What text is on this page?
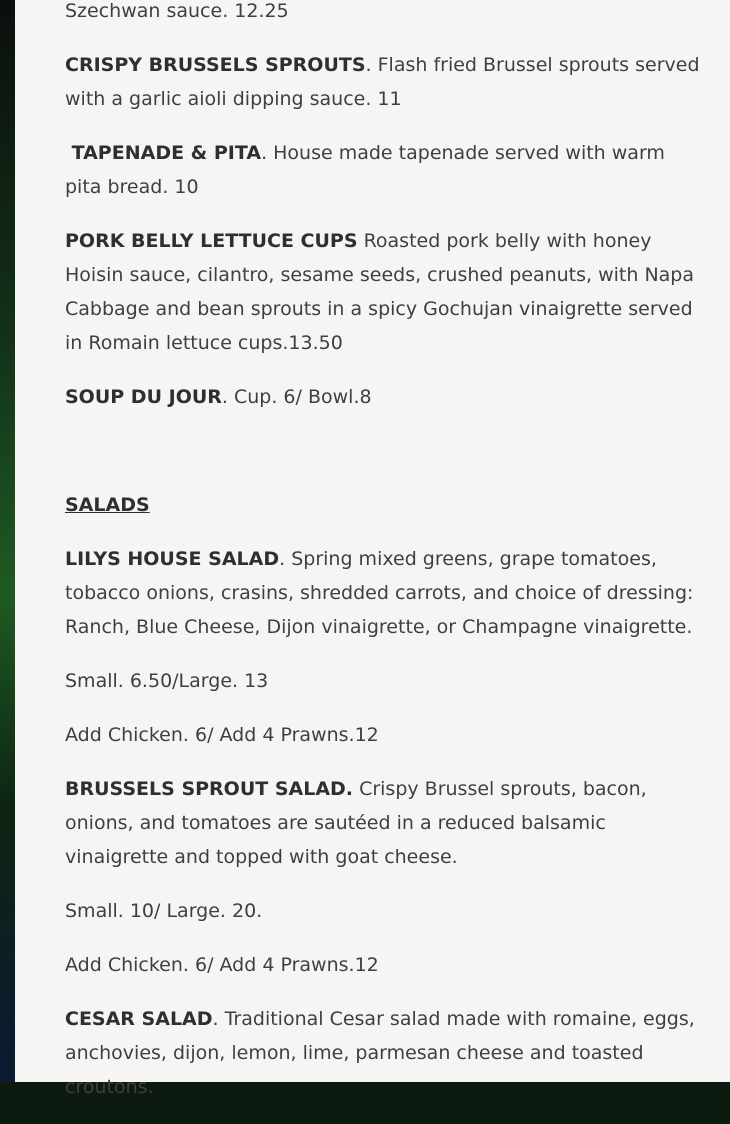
Szechwan sauce. 12.25

CRISPY BRUSSELS SPROUTS. Flash fried Brussel sprouts served with a garlic aioli dipping sauce. 11

TAPENADE & PITA. House made tapenade served with warm pita bread. 10

PORK BELLY LETTUCE CUPS Roasted pork belly with honey Hoisin sauce, cilantro, sesame seeds, crushed peanuts, with Napa Cabbage and bean sprouts in a spicy Gochujan vinaigrette served in Romain lettuce cups.13.50

SOUP DU JOUR. Cup. 6/ Bowl.8

SALADS

LILYS HOUSE SALAD. Spring mixed greens, grape tomatoes, tobacco onions, crasins, shredded carrots, and choice of dressing: Ranch, Blue Cheese, Dijon vinaigrette, or Champagne vinaigrette.

Small. 6.50/Large. 13

Add Chicken. 6/ Add 4 Prawns.12

BRUSSELS SPROUT SALAD. Crispy Brussel sprouts, bacon, onions, and tomatoes are sautéed in a reduced balsamic vinaigrette and topped with goat cheese.

Small. 10/ Large. 20.

Add Chicken. 6/ Add 4 Prawns.12

CESAR SALAD. Traditional Cesar salad made with romaine, eggs, anchovies, dijon, lemon, lime, parmesan cheese and toasted croutons.
